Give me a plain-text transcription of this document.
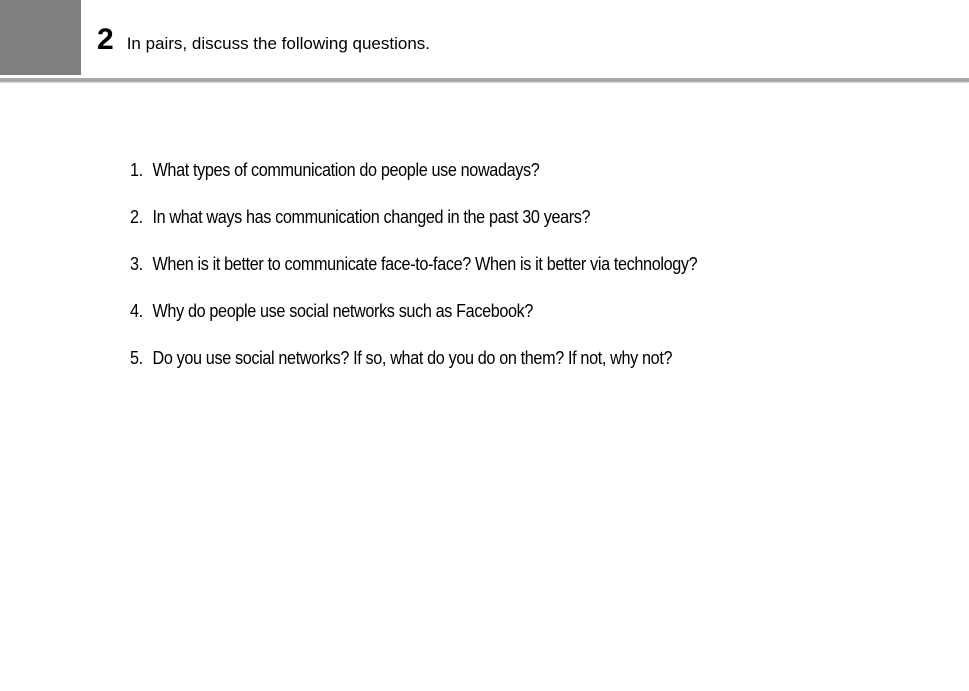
2 In pairs, discuss the following questions.
1. What types of communication do people use nowadays?
2. In what ways has communication changed in the past 30 years?
3. When is it better to communicate face-to-face? When is it better via technology?
4. Why do people use social networks such as Facebook?
5. Do you use social networks? If so, what do you do on them? If not, why not?
